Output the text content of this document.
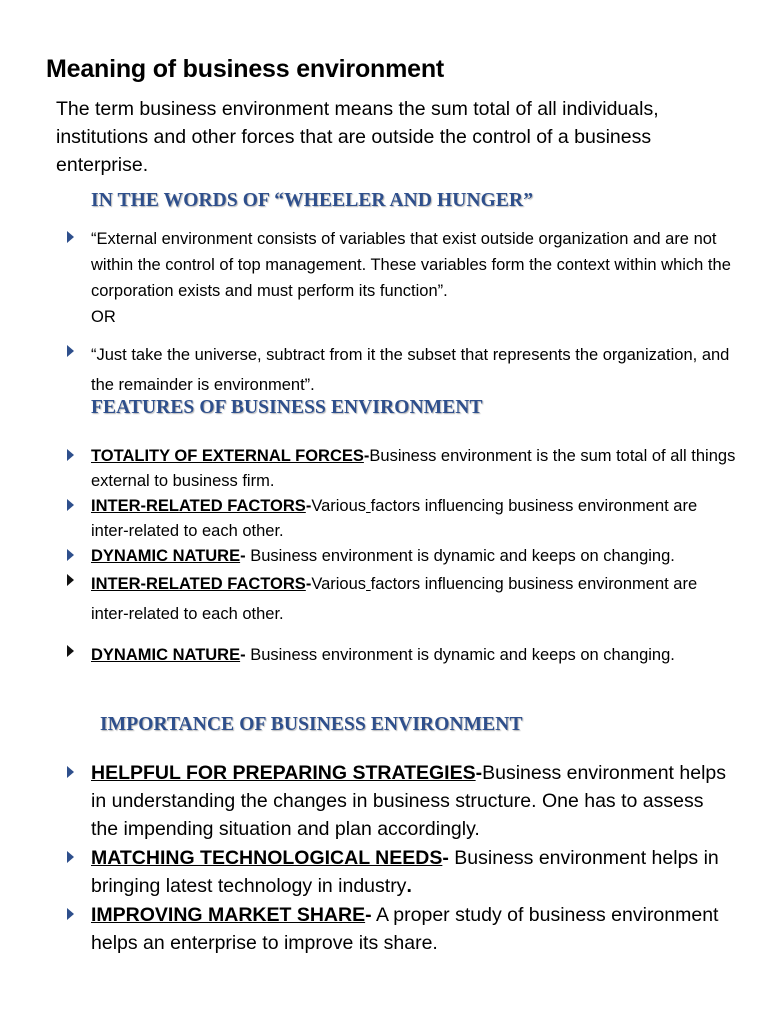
Meaning of business environment

The term business environment means the sum total of all individuals, institutions and other forces that are outside the control of a business enterprise.

IN THE WORDS OF “WHEELER AND HUNGER”
“External environment consists of variables that exist outside organization and are not within the control of top management. These variables form the context within which the corporation exists and must perform its function”.
OR
“Just take the universe, subtract from it the subset that represents the organization, and the remainder is environment”.
FEATURES OF BUSINESS ENVIRONMENT
TOTALITY OF EXTERNAL FORCES-Business environment is the sum total of all things external to business firm.
INTER-RELATED FACTORS-Various factors influencing business environment are inter-related to each other.
DYNAMIC NATURE- Business environment is dynamic and keeps on changing.
INTER-RELATED FACTORS-Various factors influencing business environment are inter-related to each other.
DYNAMIC NATURE- Business environment is dynamic and keeps on changing.
IMPORTANCE OF BUSINESS ENVIRONMENT
HELPFUL FOR PREPARING STRATEGIES-Business environment helps in understanding the changes in business structure. One has to assess the impending situation and plan accordingly.
MATCHING TECHNOLOGICAL NEEDS- Business environment helps in bringing latest technology in industry.
IMPROVING MARKET SHARE- A proper study of business environment helps an enterprise to improve its share.
